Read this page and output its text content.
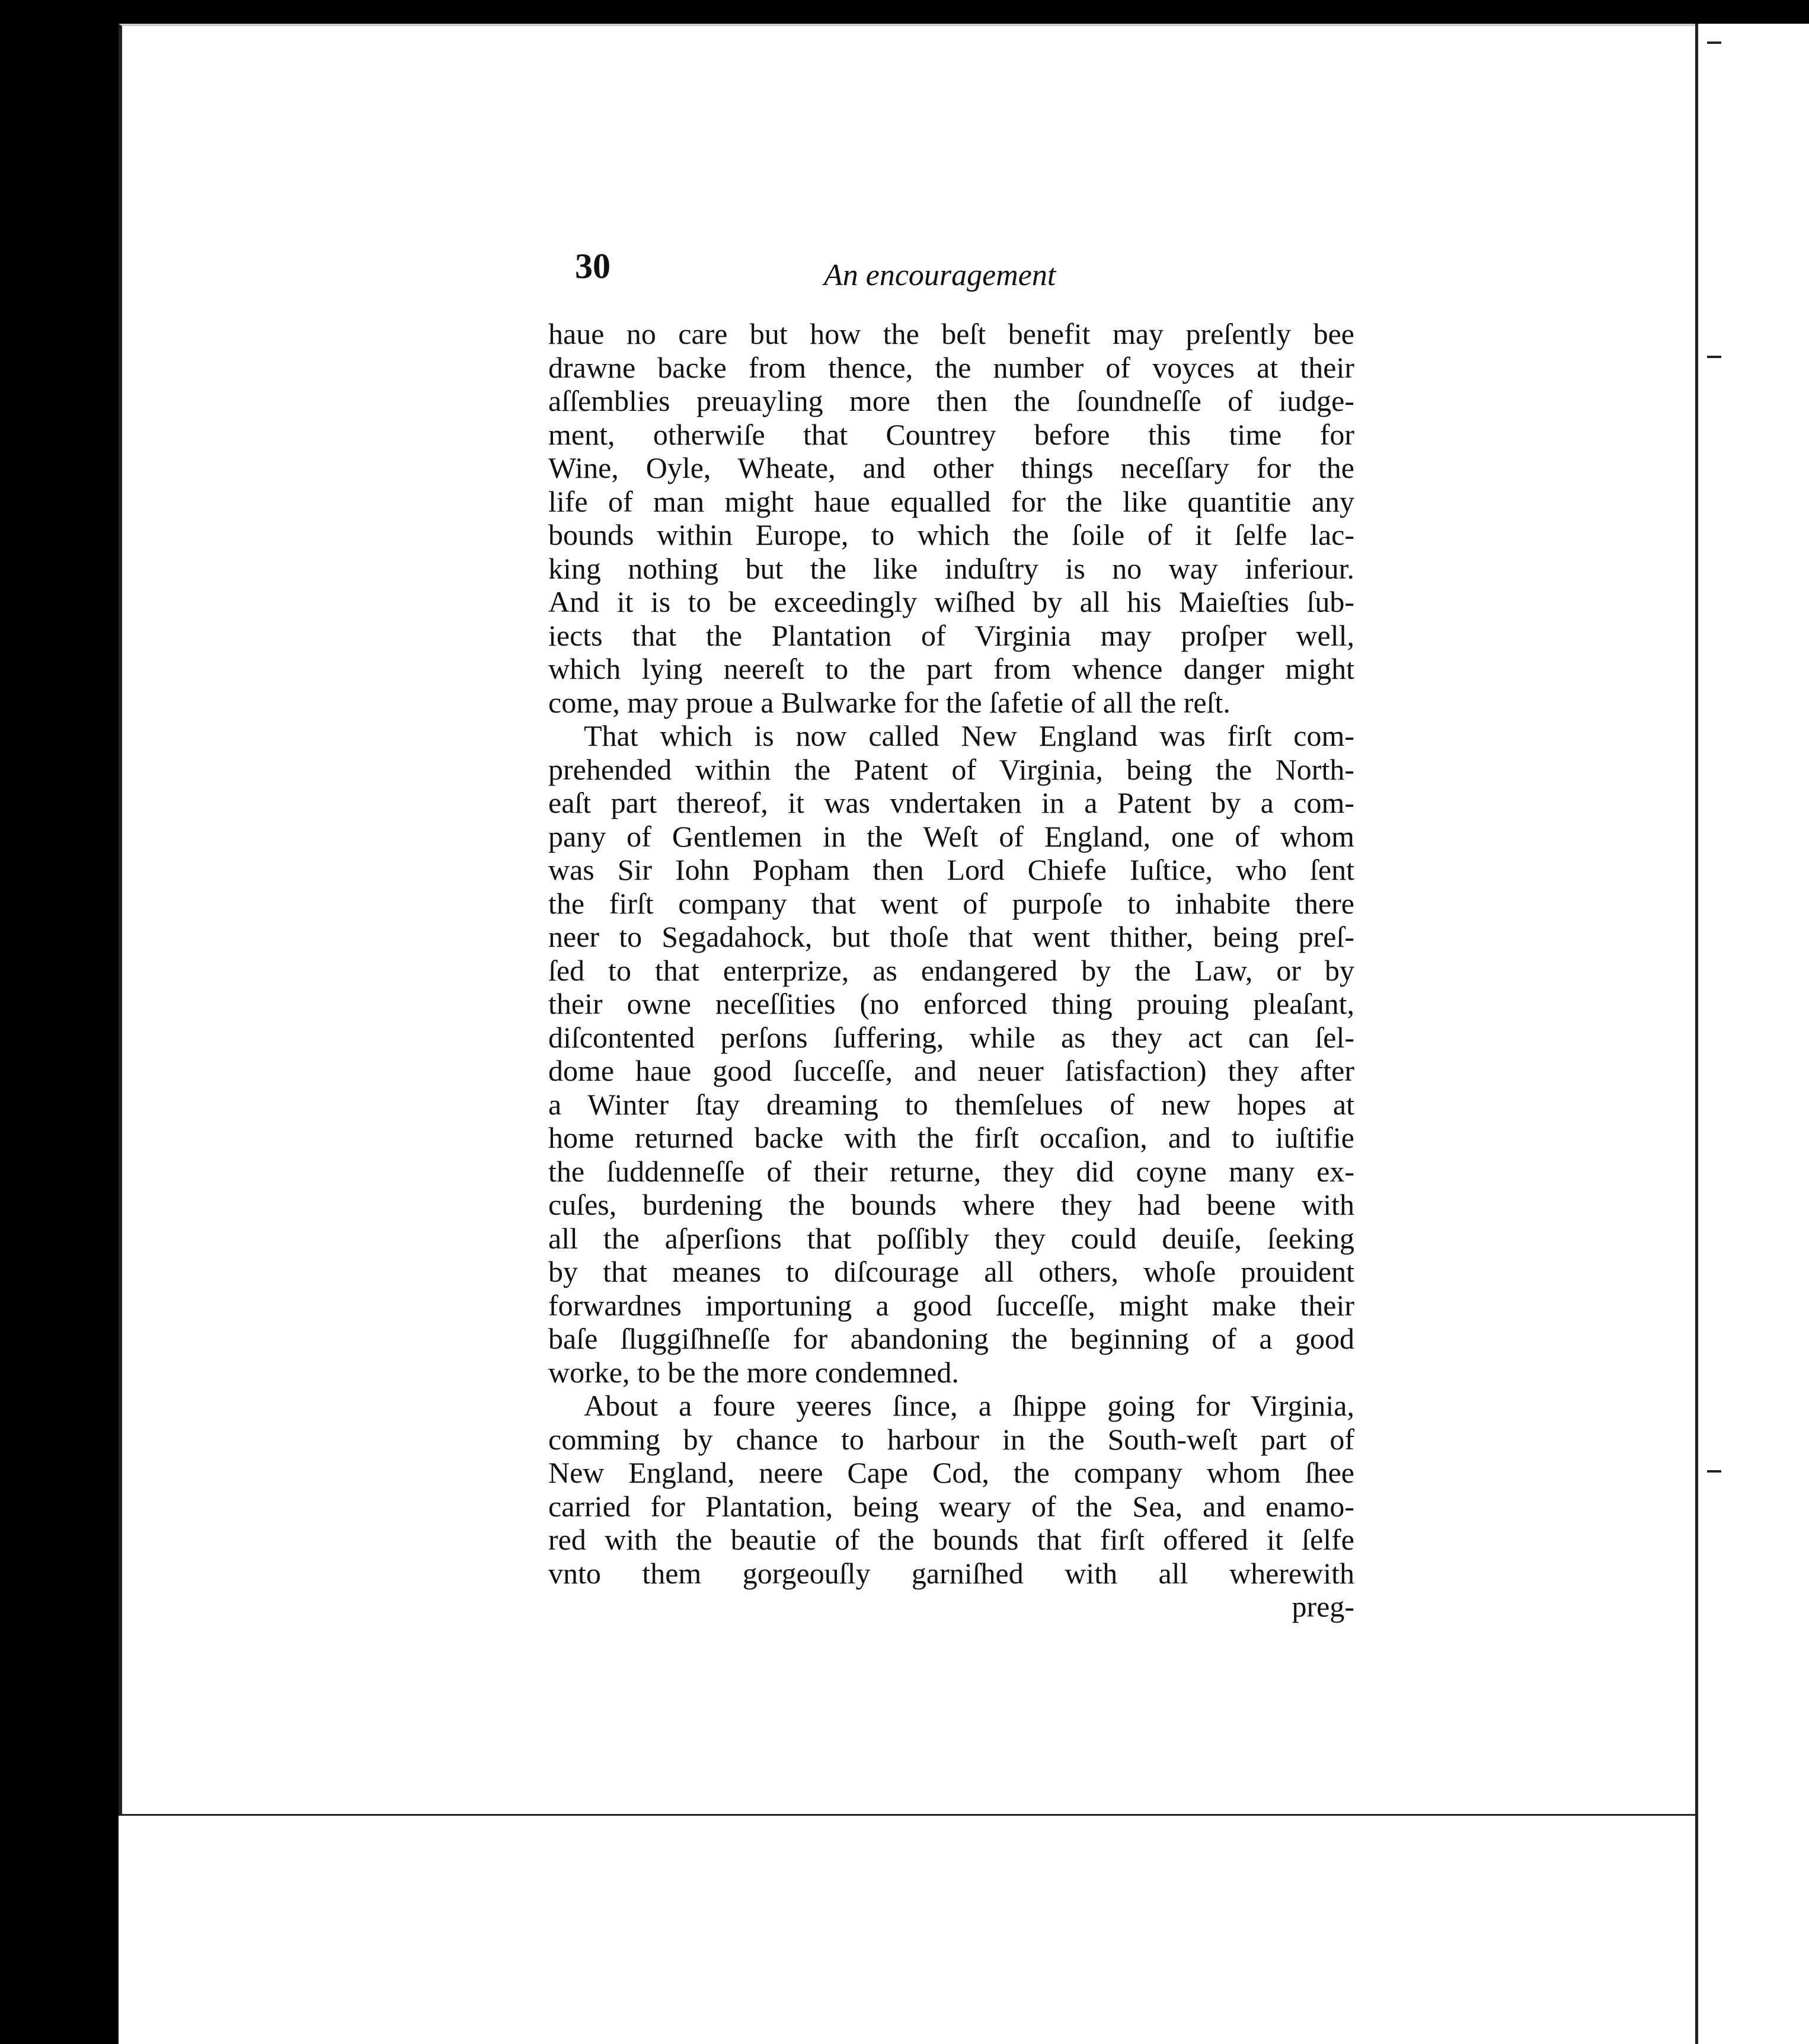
30	An encouragement
haue no care but how the beſt benefit may preſently bee
drawne backe from thence, the number of voyces at their
aſſemblies preuayling more then the ſoundneſſe of iudge-
ment, otherwiſe that Countrey before this time for
Wine, Oyle, Wheate, and other things neceſſary for the
life of man might haue equalled for the like quantitie any
bounds within Europe, to which the ſoile of it ſelfe lac-
king nothing but the like induſtry is no way inferiour.
And it is to be exceedingly wiſhed by all his Maieſties ſub-
iects that the Plantation of Virginia may proſper well,
which lying neereſt to the part from whence danger might
come, may proue a Bulwarke for the ſafetie of all the reſt.
That which is now called New England was firſt com-
prehended within the Patent of Virginia, being the North-
eaſt part thereof, it was vndertaken in a Patent by a com-
pany of Gentlemen in the Weſt of England, one of whom
was Sir Iohn Popham then Lord Chiefe Iuſtice, who ſent
the firſt company that went of purpoſe to inhabite there
neer to Segadahock, but thoſe that went thither, being preſ-
ſed to that enterprize, as endangered by the Law, or by
their owne neceſſities (no enforced thing prouing pleaſant,
diſcontented perſons ſuffering, while as they act can ſel-
dome haue good ſucceſſe, and neuer ſatisfaction) they after
a Winter ſtay dreaming to themſelues of new hopes at
home returned backe with the firſt occaſion, and to iuſtifie
the ſuddenneſſe of their returne, they did coyne many ex-
cuſes, burdening the bounds where they had beene with
all the aſperſions that poſſibly they could deuiſe, ſeeking
by that meanes to diſcourage all others, whoſe prouident
forwardnes importuning a good ſucceſſe, might make their
baſe ſluggiſhneſſe for abandoning the beginning of a good
worke, to be the more condemned.
About a foure yeeres ſince, a ſhippe going for Virginia,
comming by chance to harbour in the South-weſt part of
New England, neere Cape Cod, the company whom ſhee
carried for Plantation, being weary of the Sea, and enamo-
red with the beautie of the bounds that firſt offered it ſelfe
vnto them gorgeouſly garniſhed with all wherewith
preg-
